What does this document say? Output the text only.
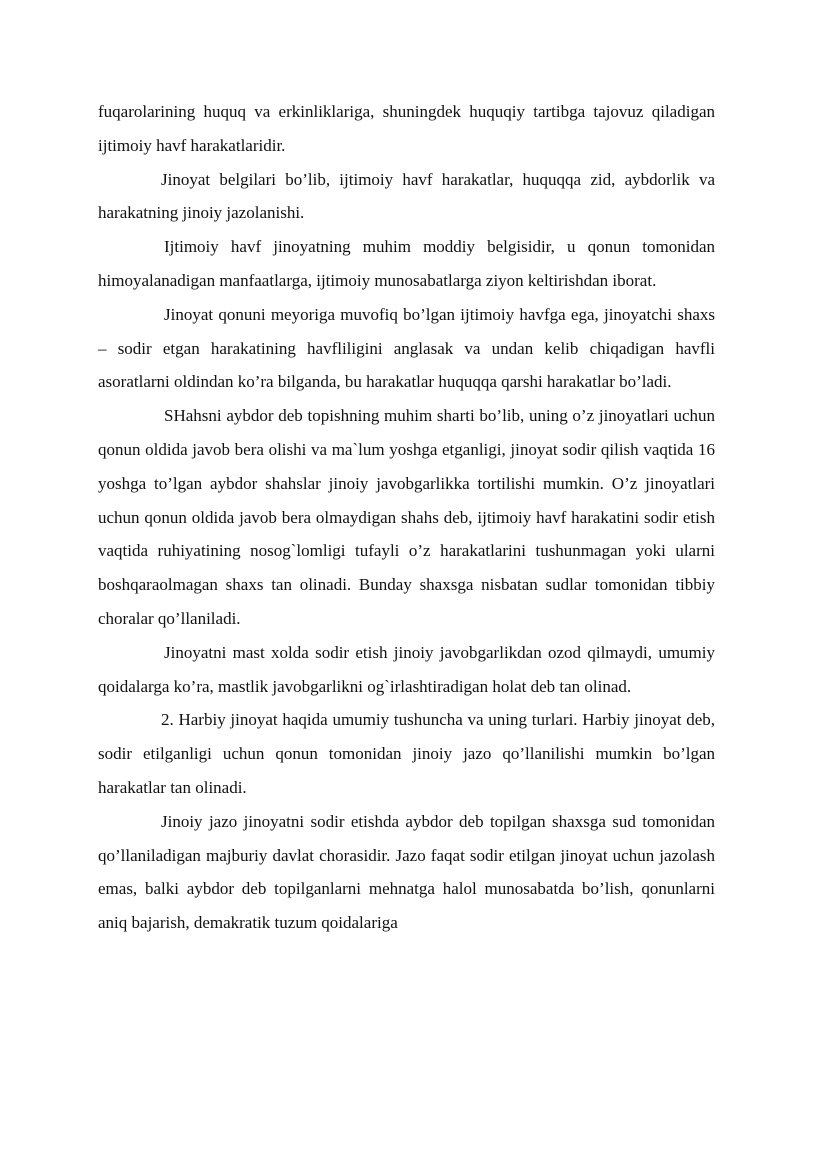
fuqarolarining huquq va erkinliklariga, shuningdek huquqiy tartibga tajovuz qiladigan ijtimoiy havf harakatlaridir.

Jinoyat belgilari bo’lib, ijtimoiy havf harakatlar, huquqqa zid, aybdorlik va harakatning jinoiy jazolanishi.

Ijtimoiy havf jinoyatning muhim moddiy belgisidir, u qonun tomonidan himoyalanadigan manfaatlarga, ijtimoiy munosabatlarga ziyon keltirishdan iborat.

Jinoyat qonuni meyoriga muvofiq bo’lgan ijtimoiy havfga ega, jinoyatchi shaxs – sodir etgan harakatining havfliligini anglasak va undan kelib chiqadigan havfli asoratlarni oldindan ko’ra bilganda, bu harakatlar huquqqa qarshi harakatlar bo’ladi.

SHahsni aybdor deb topishning muhim sharti bo’lib, uning o’z jinoyatlari uchun qonun oldida javob bera olishi va ma`lum yoshga etganligi, jinoyat sodir qilish vaqtida 16 yoshga to’lgan aybdor shahslar jinoiy javobgarlikka tortilishi mumkin. O’z jinoyatlari uchun qonun oldida javob bera olmaydigan shahs deb, ijtimoiy havf harakatini sodir etish vaqtida ruhiyatining nosog`lomligi tufayli o’z harakatlarini tushunmagan yoki ularni boshqaraolmagan shaxs tan olinadi. Bunday shaxsga nisbatan sudlar tomonidan tibbiy choralar qo’llaniladi.

Jinoyatni mast xolda sodir etish jinoiy javobgarlikdan ozod qilmaydi, umumiy qoidalarga ko’ra, mastlik javobgarlikni og`irlashtiradigan holat deb tan olinad.

2. Harbiy jinoyat haqida umumiy tushuncha va uning turlari. Harbiy jinoyat deb, sodir etilganligi uchun qonun tomonidan jinoiy jazo qo’llanilishi mumkin bo’lgan harakatlar tan olinadi.

Jinoiy jazo jinoyatni sodir etishda aybdor deb topilgan shaxsga sud tomonidan qo’llaniladigan majburiy davlat chorasidir. Jazo faqat sodir etilgan jinoyat uchun jazolash emas, balki aybdor deb topilganlarni mehnatga halol munosabatda bo’lish, qonunlarni aniq bajarish, demakratik tuzum qoidalariga
